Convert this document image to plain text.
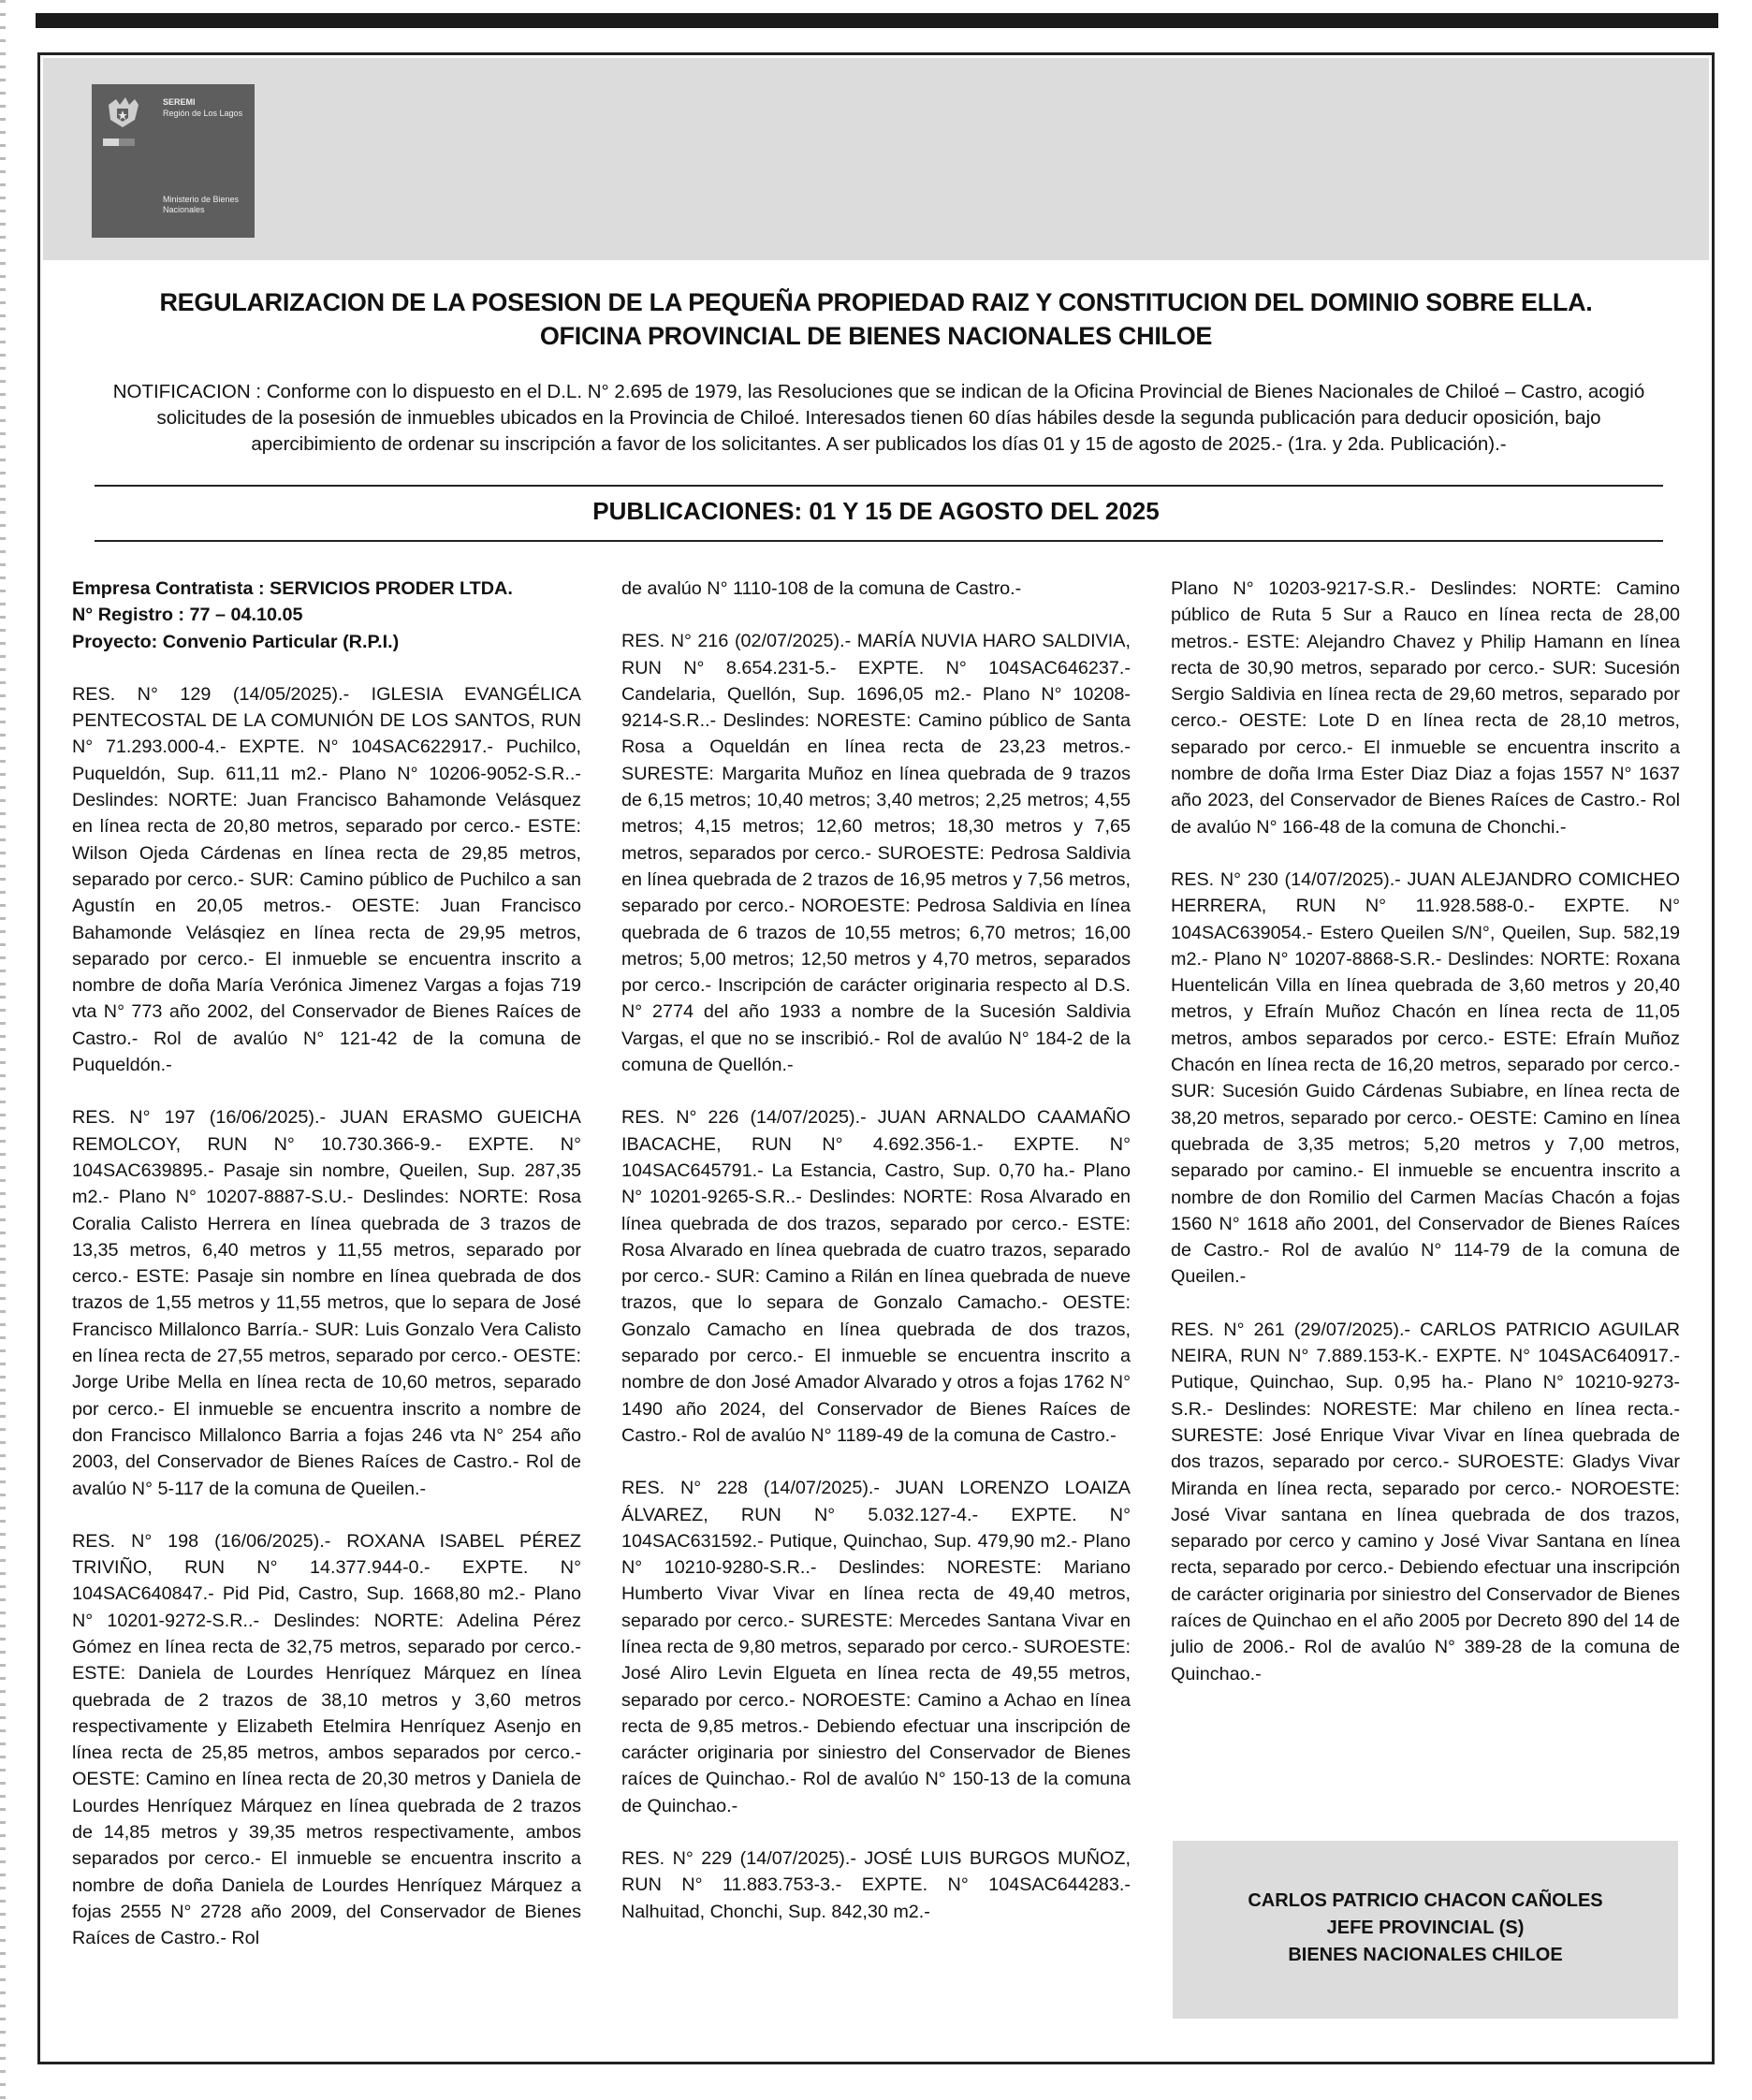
SEREMI
Región de Los Lagos
Ministerio de Bienes Nacionales
REGULARIZACION DE LA POSESION DE LA PEQUEÑA PROPIEDAD RAIZ Y CONSTITUCION DEL DOMINIO SOBRE ELLA.
OFICINA PROVINCIAL DE BIENES NACIONALES CHILOE
NOTIFICACION : Conforme con lo dispuesto en el D.L. N° 2.695 de 1979, las Resoluciones que se indican de la Oficina Provincial de Bienes Nacionales de Chiloé – Castro, acogió solicitudes de la posesión de inmuebles ubicados en la Provincia de Chiloé. Interesados tienen 60 días hábiles desde la segunda publicación para deducir oposición, bajo apercibimiento de ordenar su inscripción a favor de los solicitantes. A ser publicados los días 01 y 15 de agosto de 2025.- (1ra. y 2da. Publicación).-
PUBLICACIONES: 01 Y 15 DE AGOSTO DEL 2025
Empresa Contratista : SERVICIOS PRODER LTDA.
N° Registro : 77 – 04.10.05
Proyecto: Convenio Particular (R.P.I.)

RES. N° 129 (14/05/2025).- IGLESIA EVANGÉLICA PENTECOSTAL DE LA COMUNIÓN DE LOS SANTOS, RUN N° 71.293.000-4.- EXPTE. N° 104SAC622917.- Puchilco, Puqueldón, Sup. 611,11 m2.- Plano N° 10206-9052-S.R..- Deslindes: NORTE: Juan Francisco Bahamonde Velásquez en línea recta de 20,80 metros, separado por cerco.- ESTE: Wilson Ojeda Cárdenas en línea recta de 29,85 metros, separado por cerco.- SUR: Camino público de Puchilco a san Agustín en 20,05 metros.- OESTE: Juan Francisco Bahamonde Velásqiez en línea recta de 29,95 metros, separado por cerco.- El inmueble se encuentra inscrito a nombre de doña María Verónica Jimenez Vargas a fojas 719 vta N° 773 año 2002, del Conservador de Bienes Raíces de Castro.- Rol de avalúo N° 121-42 de la comuna de Puqueldón.-

RES. N° 197 (16/06/2025).- JUAN ERASMO GUEICHA REMOLCOY, RUN N° 10.730.366-9.- EXPTE. N° 104SAC639895.- Pasaje sin nombre, Queilen, Sup. 287,35 m2.- Plano N° 10207-8887-S.U.- Deslindes: NORTE: Rosa Coralia Calisto Herrera en línea quebrada de 3 trazos de 13,35 metros, 6,40 metros y 11,55 metros, separado por cerco.- ESTE: Pasaje sin nombre en línea quebrada de dos trazos de 1,55 metros y 11,55 metros, que lo separa de José Francisco Millalonco Barría.- SUR: Luis Gonzalo Vera Calisto en línea recta de 27,55 metros, separado por cerco.- OESTE: Jorge Uribe Mella en línea recta de 10,60 metros, separado por cerco.- El inmueble se encuentra inscrito a nombre de don Francisco Millalonco Barria a fojas 246 vta N° 254 año 2003, del Conservador de Bienes Raíces de Castro.- Rol de avalúo N° 5-117 de la comuna de Queilen.-

RES. N° 198 (16/06/2025).- ROXANA ISABEL PÉREZ TRIVIÑO, RUN N° 14.377.944-0.- EXPTE. N° 104SAC640847.- Pid Pid, Castro, Sup. 1668,80 m2.- Plano N° 10201-9272-S.R..- Deslindes: NORTE: Adelina Pérez Gómez en línea recta de 32,75 metros, separado por cerco.- ESTE: Daniela de Lourdes Henríquez Márquez en línea quebrada de 2 trazos de 38,10 metros y 3,60 metros respectivamente y Elizabeth Etelmira Henríquez Asenjo en línea recta de 25,85 metros, ambos separados por cerco.- OESTE: Camino en línea recta de 20,30 metros y Daniela de Lourdes Henríquez Márquez en línea quebrada de 2 trazos de 14,85 metros y 39,35 metros respectivamente, ambos separados por cerco.- El inmueble se encuentra inscrito a nombre de doña Daniela de Lourdes Henríquez Márquez a fojas 2555 N° 2728 año 2009, del Conservador de Bienes Raíces de Castro.- Rol

de avalúo N° 1110-108 de la comuna de Castro.-

RES. N° 216 (02/07/2025).- MARÍA NUVIA HARO SALDIVIA, RUN N° 8.654.231-5.- EXPTE. N° 104SAC646237.- Candelaria, Quellón, Sup. 1696,05 m2.- Plano N° 10208-9214-S.R..- Deslindes: NORESTE: Camino público de Santa Rosa a Oqueldán en línea recta de 23,23 metros.- SURESTE: Margarita Muñoz en línea quebrada de 9 trazos de 6,15 metros; 10,40 metros; 3,40 metros; 2,25 metros; 4,55 metros; 4,15 metros; 12,60 metros; 18,30 metros y 7,65 metros, separados por cerco.- SUROESTE: Pedrosa Saldivia en línea quebrada de 2 trazos de 16,95 metros y 7,56 metros, separado por cerco.- NOROESTE: Pedrosa Saldivia en línea quebrada de 6 trazos de 10,55 metros; 6,70 metros; 16,00 metros; 5,00 metros; 12,50 metros y 4,70 metros, separados por cerco.- Inscripción de carácter originaria respecto al D.S. N° 2774 del año 1933 a nombre de la Sucesión Saldivia Vargas, el que no se inscribió.- Rol de avalúo N° 184-2 de la comuna de Quellón.-

RES. N° 226 (14/07/2025).- JUAN ARNALDO CAAMAÑO IBACACHE, RUN N° 4.692.356-1.- EXPTE. N° 104SAC645791.- La Estancia, Castro, Sup. 0,70 ha.- Plano N° 10201-9265-S.R..- Deslindes: NORTE: Rosa Alvarado en línea quebrada de dos trazos, separado por cerco.- ESTE: Rosa Alvarado en línea quebrada de cuatro trazos, separado por cerco.- SUR: Camino a Rilán en línea quebrada de nueve trazos, que lo separa de Gonzalo Camacho.- OESTE: Gonzalo Camacho en línea quebrada de dos trazos, separado por cerco.- El inmueble se encuentra inscrito a nombre de don José Amador Alvarado y otros a fojas 1762 N° 1490 año 2024, del Conservador de Bienes Raíces de Castro.- Rol de avalúo N° 1189-49 de la comuna de Castro.-

RES. N° 228 (14/07/2025).- JUAN LORENZO LOAIZA ÁLVAREZ, RUN N° 5.032.127-4.- EXPTE. N° 104SAC631592.- Putique, Quinchao, Sup. 479,90 m2.- Plano N° 10210-9280-S.R..- Deslindes: NORESTE: Mariano Humberto Vivar Vivar en línea recta de 49,40 metros, separado por cerco.- SURESTE: Mercedes Santana Vivar en línea recta de 9,80 metros, separado por cerco.- SUROESTE: José Aliro Levin Elgueta en línea recta de 49,55 metros, separado por cerco.- NOROESTE: Camino a Achao en línea recta de 9,85 metros.- Debiendo efectuar una inscripción de carácter originaria por siniestro del Conservador de Bienes raíces de Quinchao.- Rol de avalúo N° 150-13 de la comuna de Quinchao.-

RES. N° 229 (14/07/2025).- JOSÉ LUIS BURGOS MUÑOZ, RUN N° 11.883.753-3.- EXPTE. N° 104SAC644283.- Nalhuitad, Chonchi, Sup. 842,30 m2.-

Plano N° 10203-9217-S.R.- Deslindes: NORTE: Camino público de Ruta 5 Sur a Rauco en línea recta de 28,00 metros.- ESTE: Alejandro Chavez y Philip Hamann en línea recta de 30,90 metros, separado por cerco.- SUR: Sucesión Sergio Saldivia en línea recta de 29,60 metros, separado por cerco.- OESTE: Lote D en línea recta de 28,10 metros, separado por cerco.- El inmueble se encuentra inscrito a nombre de doña Irma Ester Diaz Diaz a fojas 1557 N° 1637 año 2023, del Conservador de Bienes Raíces de Castro.- Rol de avalúo N° 166-48 de la comuna de Chonchi.-

RES. N° 230 (14/07/2025).- JUAN ALEJANDRO COMICHEO HERRERA, RUN N° 11.928.588-0.- EXPTE. N° 104SAC639054.- Estero Queilen S/N°, Queilen, Sup. 582,19 m2.- Plano N° 10207-8868-S.R.- Deslindes: NORTE: Roxana Huentelicán Villa en línea quebrada de 3,60 metros y 20,40 metros, y Efraín Muñoz Chacón en línea recta de 11,05 metros, ambos separados por cerco.- ESTE: Efraín Muñoz Chacón en línea recta de 16,20 metros, separado por cerco.- SUR: Sucesión Guido Cárdenas Subiabre, en línea recta de 38,20 metros, separado por cerco.- OESTE: Camino en línea quebrada de 3,35 metros; 5,20 metros y 7,00 metros, separado por camino.- El inmueble se encuentra inscrito a nombre de don Romilio del Carmen Macías Chacón a fojas 1560 N° 1618 año 2001, del Conservador de Bienes Raíces de Castro.- Rol de avalúo N° 114-79 de la comuna de Queilen.-

RES. N° 261 (29/07/2025).- CARLOS PATRICIO AGUILAR NEIRA, RUN N° 7.889.153-K.- EXPTE. N° 104SAC640917.- Putique, Quinchao, Sup. 0,95 ha.- Plano N° 10210-9273-S.R.- Deslindes: NORESTE: Mar chileno en línea recta.- SURESTE: José Enrique Vivar Vivar en línea quebrada de dos trazos, separado por cerco.- SUROESTE: Gladys Vivar Miranda en línea recta, separado por cerco.- NOROESTE: José Vivar santana en línea quebrada de dos trazos, separado por cerco y camino y José Vivar Santana en línea recta, separado por cerco.- Debiendo efectuar una inscripción de carácter originaria por siniestro del Conservador de Bienes raíces de Quinchao en el año 2005 por Decreto 890 del 14 de julio de 2006.- Rol de avalúo N° 389-28 de la comuna de Quinchao.-

CARLOS PATRICIO CHACON CAÑOLES
JEFE PROVINCIAL (S)
BIENES NACIONALES CHILOE
